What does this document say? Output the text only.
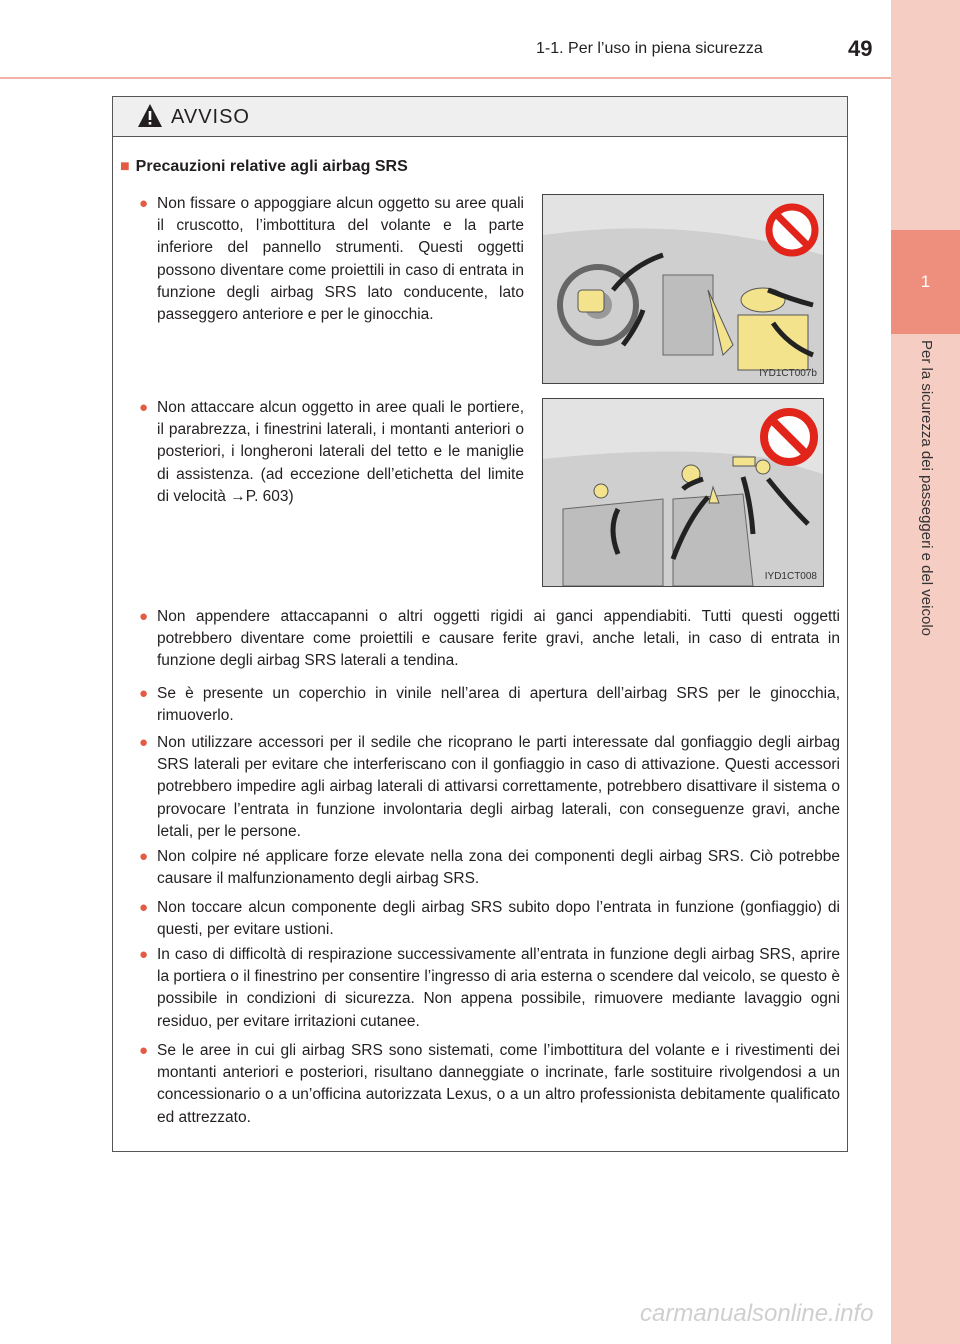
1
Per la sicurezza dei passeggeri e del veicolo
1-1. Per l’uso in piena sicurezza	49
AVVISO
■ Precauzioni relative agli airbag SRS
● Non fissare o appoggiare alcun oggetto su aree quali il cruscotto, l’imbottitura del volante e la parte inferiore del pannello strumenti. Questi oggetti possono diventare come proiettili in caso di entrata in funzione degli airbag SRS lato conducente, lato passeggero anteriore e per le ginocchia.
IYD1CT007b
● Non attaccare alcun oggetto in aree quali le portiere, il parabrezza, i finestrini laterali, i montanti anteriori o posteriori, i longheroni laterali del tetto e le maniglie di assistenza. (ad eccezione dell’etichetta del limite di velocità →P. 603)
IYD1CT008
● Non appendere attaccapanni o altri oggetti rigidi ai ganci appendiabiti. Tutti questi oggetti potrebbero diventare come proiettili e causare ferite gravi, anche letali, in caso di entrata in funzione degli airbag SRS laterali a tendina.
● Se è presente un coperchio in vinile nell’area di apertura dell’airbag SRS per le ginocchia, rimuoverlo.
● Non utilizzare accessori per il sedile che ricoprano le parti interessate dal gonfiaggio degli airbag SRS laterali per evitare che interferiscano con il gonfiaggio in caso di attivazione. Questi accessori potrebbero impedire agli airbag laterali di attivarsi correttamente, potrebbero disattivare il sistema o provocare l’entrata in funzione involontaria degli airbag laterali, con conseguenze gravi, anche letali, per le persone.
● Non colpire né applicare forze elevate nella zona dei componenti degli airbag SRS. Ciò potrebbe causare il malfunzionamento degli airbag SRS.
● Non toccare alcun componente degli airbag SRS subito dopo l’entrata in funzione (gonfiaggio) di questi, per evitare ustioni.
● In caso di difficoltà di respirazione successivamente all’entrata in funzione degli airbag SRS, aprire la portiera o il finestrino per consentire l’ingresso di aria esterna o scendere dal veicolo, se questo è possibile in condizioni di sicurezza. Non appena possibile, rimuovere mediante lavaggio ogni residuo, per evitare irritazioni cutanee.
● Se le aree in cui gli airbag SRS sono sistemati, come l’imbottitura del volante e i rivestimenti dei montanti anteriori e posteriori, risultano danneggiate o incrinate, farle sostituire rivolgendosi a un concessionario o a un’officina autorizzata Lexus, o a un altro professionista debitamente qualificato ed attrezzato.
carmanualsonline.info
